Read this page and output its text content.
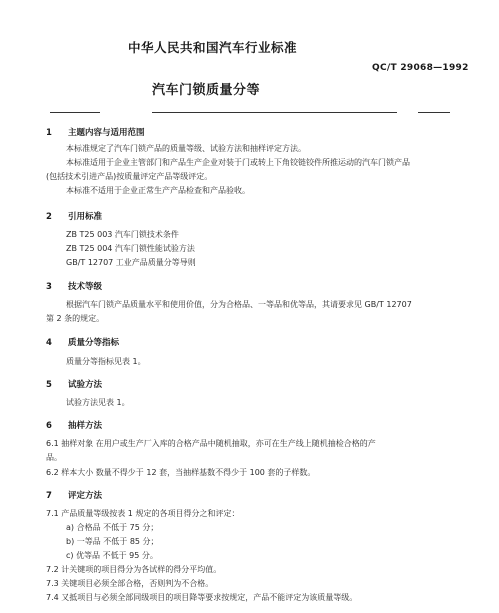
中华人民共和国汽车行业标准
QC/T 29068—1992
汽车门锁质量分等
1 主题内容与适用范围
本标准规定了汽车门锁产品的质量等级、试验方法和抽样评定方法。
本标准适用于企业主管部门和产品生产企业对装于门或转上下角铰链铰件所推运动的汽车门锁产品
(包括技术引进产品)按质量评定产品等级评定。
本标准不适用于企业正常生产产品检查和产品验收。
2 引用标准
ZB T25 003 汽车门锁技术条件
ZB T25 004 汽车门锁性能试验方法
GB/T 12707 工业产品质量分等导则
3 技术等级
根据汽车门锁产品质量水平和使用价值，分为合格品、一等品和优等品，其请要求见 GB/T 12707
第 2 条的规定。
4 质量分等指标
质量分等指标见表 1。
5 试验方法
试验方法见表 1。
6 抽样方法
6.1 抽样对象 在用户或生产厂入库的合格产品中随机抽取，亦可在生产线上随机抽检合格的产
品。
6.2 样本大小 数量不得少于 12 套，当抽样基数不得少于 100 套的子样数。
7 评定方法
7.1 产品质量等级按表 1 规定的各项目得分之和评定：
a) 合格品 不低于 75 分；
b) 一等品 不低于 85 分；
c) 优等品 不低于 95 分。
7.2 计关键项的项目得分为各试样的得分平均值。
7.3 关键项目必须全部合格，否则判为不合格。
7.4 又抵项目与必须全部同级项目的项目降等要求按规定，产品不能评定为该质量等级。
